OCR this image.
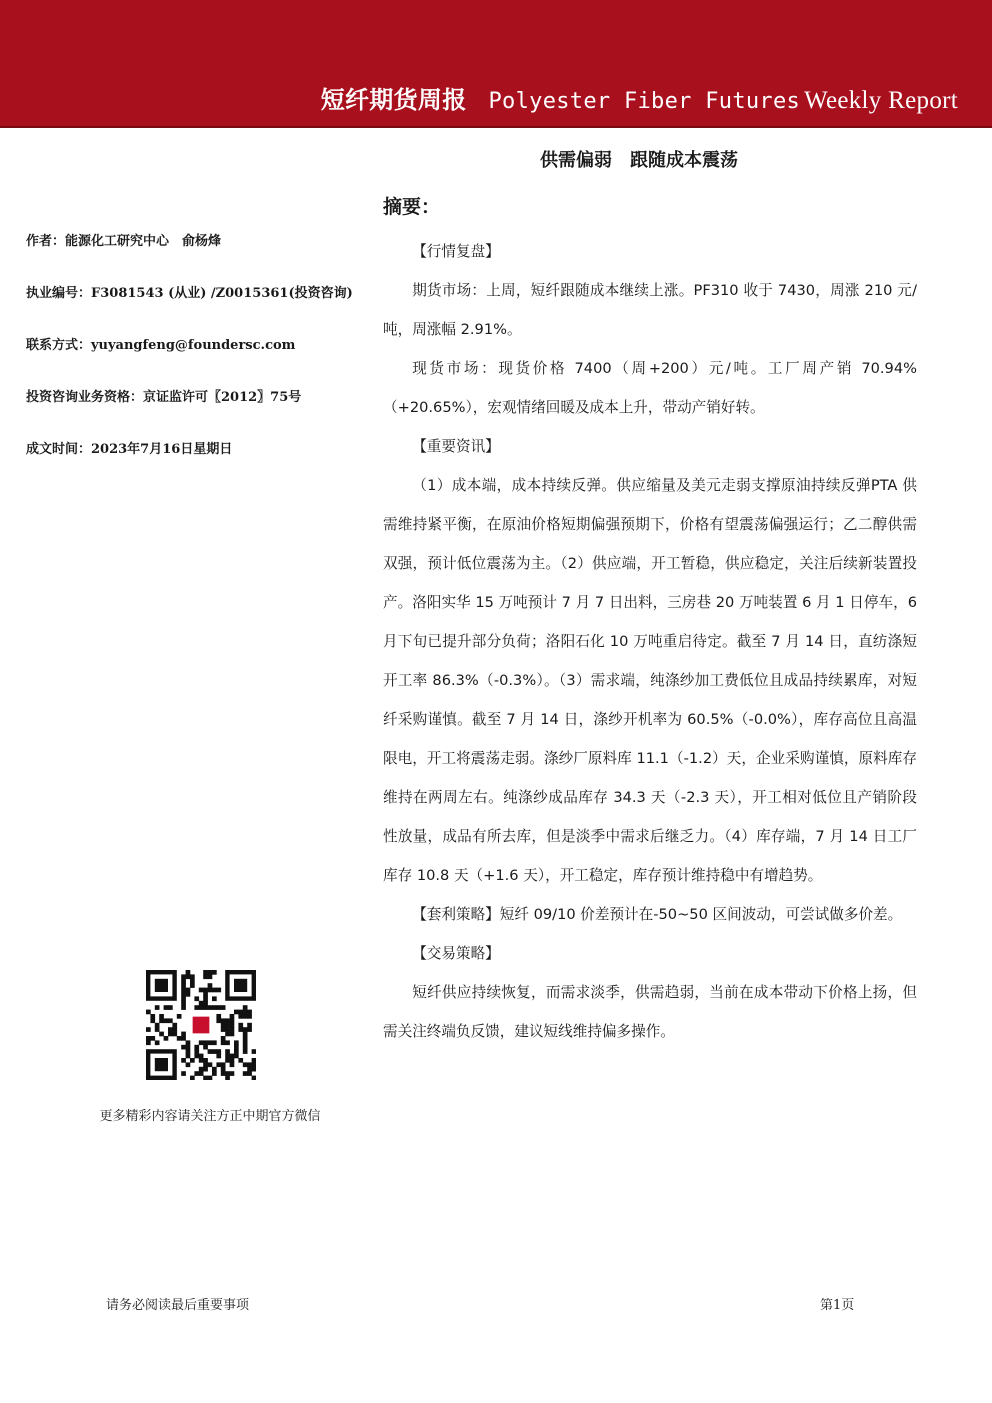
短纤期货周报 Polyester Fiber Futures Weekly Report
作者：能源化工研究中心　俞杨烽
执业编号：F3081543 (从业) /Z0015361(投资咨询)
联系方式：yuyangfeng@foundersc.com
投资咨询业务资格：京证监许可〖2012〗75号
成文时间：2023年7月16日星期日
更多精彩内容请关注方正中期官方微信
供需偏弱　跟随成本震荡
摘要：

【行情复盘】

期货市场：上周，短纤跟随成本继续上涨。PF310 收于 7430，周涨 210 元/吨，周涨幅 2.91%。

现货市场：现货价格 7400（周+200）元/吨。工厂周产销 70.94%（+20.65%），宏观情绪回暖及成本上升，带动产销好转。

【重要资讯】

（1）成本端，成本持续反弹。供应缩量及美元走弱支撑原油持续反弹PTA 供需维持紧平衡，在原油价格短期偏强预期下，价格有望震荡偏强运行；乙二醇供需双强，预计低位震荡为主。（2）供应端，开工暂稳，供应稳定，关注后续新装置投产。洛阳实华 15 万吨预计 7 月 7 日出料，三房巷 20 万吨装置 6 月 1 日停车，6 月下旬已提升部分负荷；洛阳石化 10 万吨重启待定。截至 7 月 14 日，直纺涤短开工率 86.3%（-0.3%）。（3）需求端，纯涤纱加工费低位且成品持续累库，对短纤采购谨慎。截至 7 月 14 日，涤纱开机率为 60.5%（-0.0%），库存高位且高温限电，开工将震荡走弱。涤纱厂原料库 11.1（-1.2）天，企业采购谨慎，原料库存维持在两周左右。纯涤纱成品库存 34.3 天（-2.3 天），开工相对低位且产销阶段性放量，成品有所去库，但是淡季中需求后继乏力。（4）库存端，7 月 14 日工厂库存 10.8 天（+1.6 天），开工稳定，库存预计维持稳中有增趋势。

【套利策略】短纤 09/10 价差预计在-50~50 区间波动，可尝试做多价差。

【交易策略】

短纤供应持续恢复，而需求淡季，供需趋弱，当前在成本带动下价格上扬，但需关注终端负反馈，建议短线维持偏多操作。

请务必阅读最后重要事项	第1页
